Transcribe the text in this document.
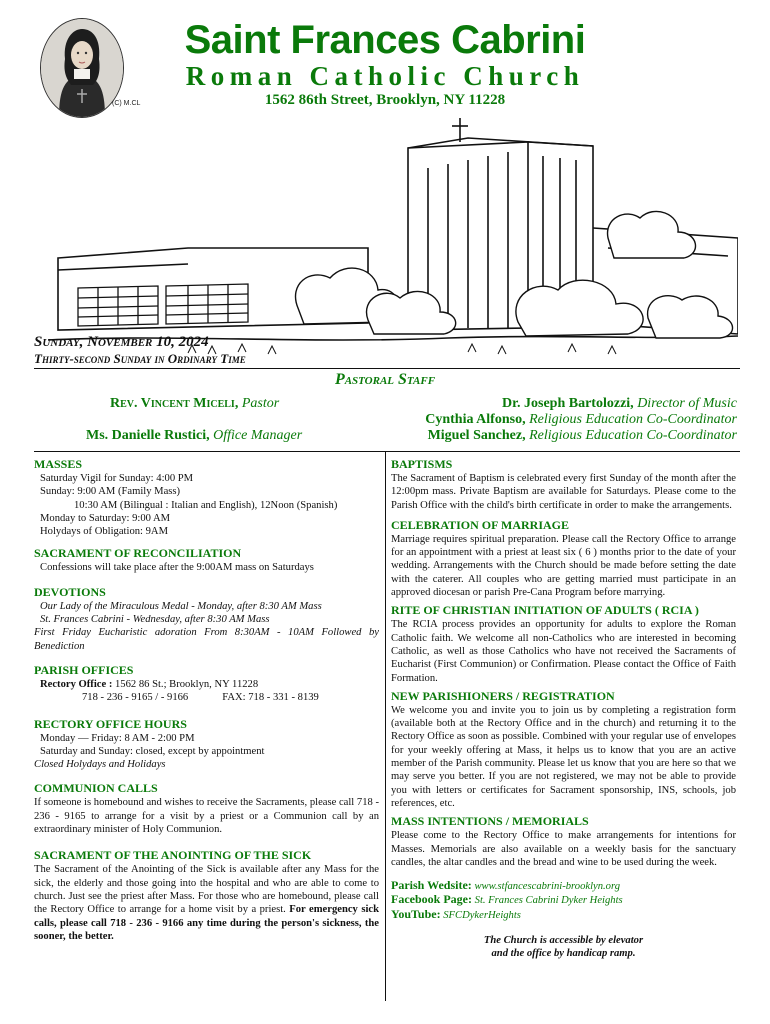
(C) M.CL
Saint Frances Cabrini
Roman Catholic Church
1562 86th Street, Brooklyn, NY 11228
Sunday, November 10, 2024
Thirty-second Sunday in Ordinary Time
Pastoral Staff
Rev. Vincent Miceli, Pastor
Ms. Danielle Rustici, Office Manager
Dr. Joseph Bartolozzi, Director of Music
Cynthia Alfonso, Religious Education Co-Coordinator
Miguel Sanchez, Religious Education Co-Coordinator

MASSES

Saturday Vigil for Sunday: 4:00 PM

Sunday: 9:00 AM (Family Mass)

10:30 AM (Bilingual : Italian and English), 12Noon (Spanish)

Monday to Saturday: 9:00 AM

Holydays of Obligation: 9AM

SACRAMENT OF RECONCILIATION

Confessions will take place after the 9:00AM mass on Saturdays

DEVOTIONS

Our Lady of the Miraculous Medal - Monday, after 8:30 AM Mass

St. Frances Cabrini - Wednesday, after 8:30 AM Mass

First Friday Eucharistic adoration From 8:30AM - 10AM Followed by Benediction

PARISH OFFICES

Rectory Office : 1562 86 St.; Brooklyn, NY 11228

718 - 236 - 9165 / - 9166	FAX: 718 - 331 - 8139

RECTORY OFFICE HOURS

Monday — Friday: 8 AM - 2:00 PM

Saturday and Sunday: closed, except by appointment

Closed Holydays and Holidays

COMMUNION CALLS

If someone is homebound and wishes to receive the Sacraments, please call 718 - 236 - 9165 to arrange for a visit by a priest or a Communion call by an extraordinary minister of Holy Communion.

SACRAMENT OF THE ANOINTING OF THE SICK

The Sacrament of the Anointing of the Sick is available after any Mass for the sick, the elderly and those going into the hospital and who are able to come to church. Just see the priest after Mass. For those who are homebound, please call the Rectory Office to arrange for a home visit by a priest. For emergency sick calls, please call 718 - 236 - 9166 any time during the person's sickness, the sooner, the better.

BAPTISMS

The Sacrament of Baptism is celebrated every first Sunday of the month after the 12:00pm mass. Private Baptism are available for Saturdays. Please come to the Parish Office with the child's birth certificate in order to make the arrangements.

CELEBRATION OF MARRIAGE

Marriage requires spiritual preparation. Please call the Rectory Office to arrange for an appointment with a priest at least six ( 6 ) months prior to the date of your wedding. Arrangements with the Church should be made before setting the date with the caterer. All couples who are getting married must participate in an approved diocesan or parish Pre-Cana Program before marrying.

RITE OF CHRISTIAN INITIATION OF ADULTS ( RCIA )

The RCIA process provides an opportunity for adults to explore the Roman Catholic faith. We welcome all non-Catholics who are interested in becoming Catholic, as well as those Catholics who have not received the Sacraments of Eucharist (First Communion) or Confirmation. Please contact the Office of Faith Formation.

NEW PARISHIONERS / REGISTRATION

We welcome you and invite you to join us by completing a registration form (available both at the Rectory Office and in the church) and returning it to the Rectory Office as soon as possible. Combined with your regular use of envelopes for your weekly offering at Mass, it helps us to know that you are an active member of the Parish community. Please let us know that you are here so that we may serve you better. If you are not registered, we may not be able to provide you with letters or certificates for Sacrament sponsorship, INS, schools, job references, etc.

MASS INTENTIONS / MEMORIALS

Please come to the Rectory Office to make arrangements for intentions for Masses. Memorials are also available on a weekly basis for the sanctuary candles, the altar candles and the bread and wine to be used during the week.

Parish Wedsite: www.stfancescabrini-brooklyn.org

Facebook Page: St. Frances Cabrini Dyker Heights

YouTube: SFCDykerHeights

The Church is accessible by elevator

and the office by handicap ramp.
